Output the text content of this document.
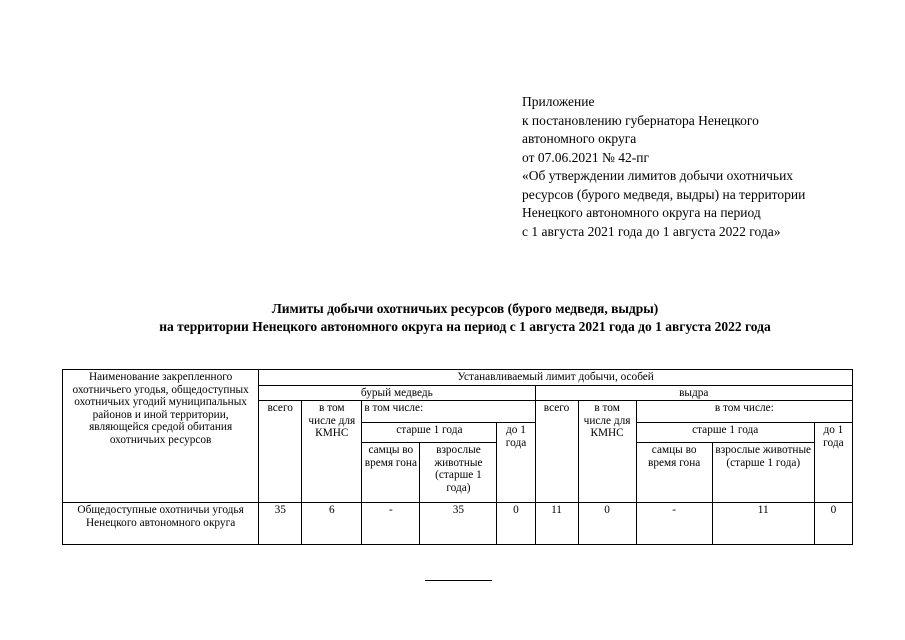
Приложение
к постановлению губернатора Ненецкого
автономного округа
от 07.06.2021 № 42-пг
«Об утверждении лимитов добычи охотничьих
ресурсов (бурого медведя, выдры) на территории
Ненецкого автономного округа на период
с 1 августа 2021 года до 1 августа 2022 года»
Лимиты добычи охотничьих ресурсов (бурого медведя, выдры)
на территории Ненецкого автономного округа на период с 1 августа 2021 года до 1 августа 2022 года
Наименование закрепленного охотничьего угодья, общедоступных охотничьих угодий муниципальных районов и иной территории, являющейся средой обитания охотничьих ресурсов	Устанавливаемый лимит добычи, особей									
	бурый медведь					выдра				
	всего	в том числе для КМНС	в том числе:			всего	в том числе для КМНС	в том числе:		
			старше 1 года		до 1 года			старше 1 года		до 1 года
			самцы во время гона	взрослые животные (старше 1 года)				самцы во время гона	взрослые животные (старше 1 года)	
Общедоступные охотничьи угодья Ненецкого автономного округа	35	6	-	35	0	11	0	-	11	0
